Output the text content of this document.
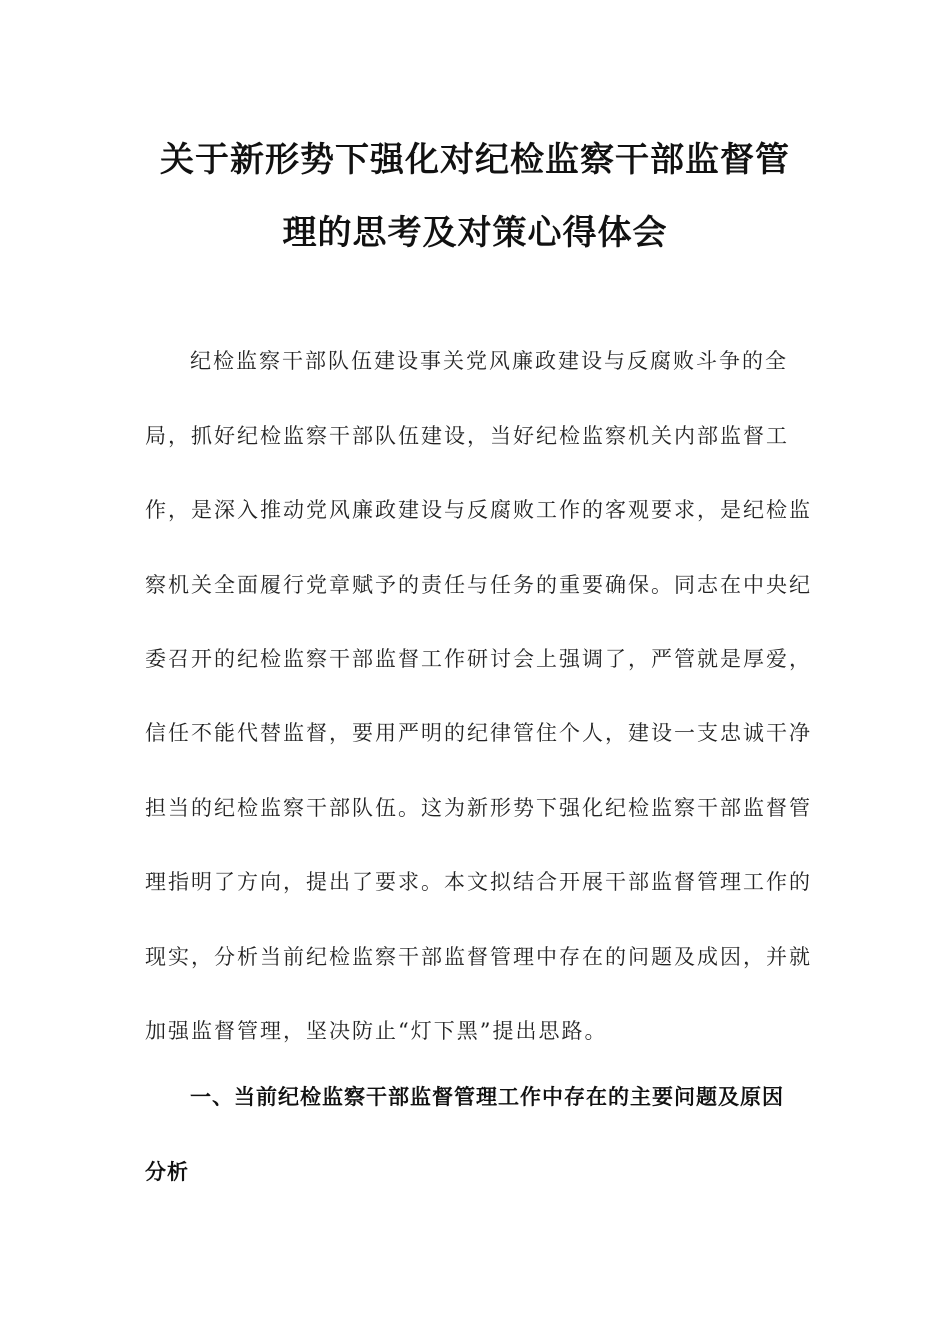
关于新形势下强化对纪检监察干部监督管
理的思考及对策心得体会
纪检监察干部队伍建设事关党风廉政建设与反腐败斗争的全
局，抓好纪检监察干部队伍建设，当好纪检监察机关内部监督工
作，是深入推动党风廉政建设与反腐败工作的客观要求，是纪检监
察机关全面履行党章赋予的责任与任务的重要确保。同志在中央纪
委召开的纪检监察干部监督工作研讨会上强调了，严管就是厚爱，
信任不能代替监督，要用严明的纪律管住个人，建设一支忠诚干净
担当的纪检监察干部队伍。这为新形势下强化纪检监察干部监督管
理指明了方向，提出了要求。本文拟结合开展干部监督管理工作的
现实，分析当前纪检监察干部监督管理中存在的问题及成因，并就
加强监督管理，坚决防止“灯下黑”提出思路。
一、当前纪检监察干部监督管理工作中存在的主要问题及原因
分析
